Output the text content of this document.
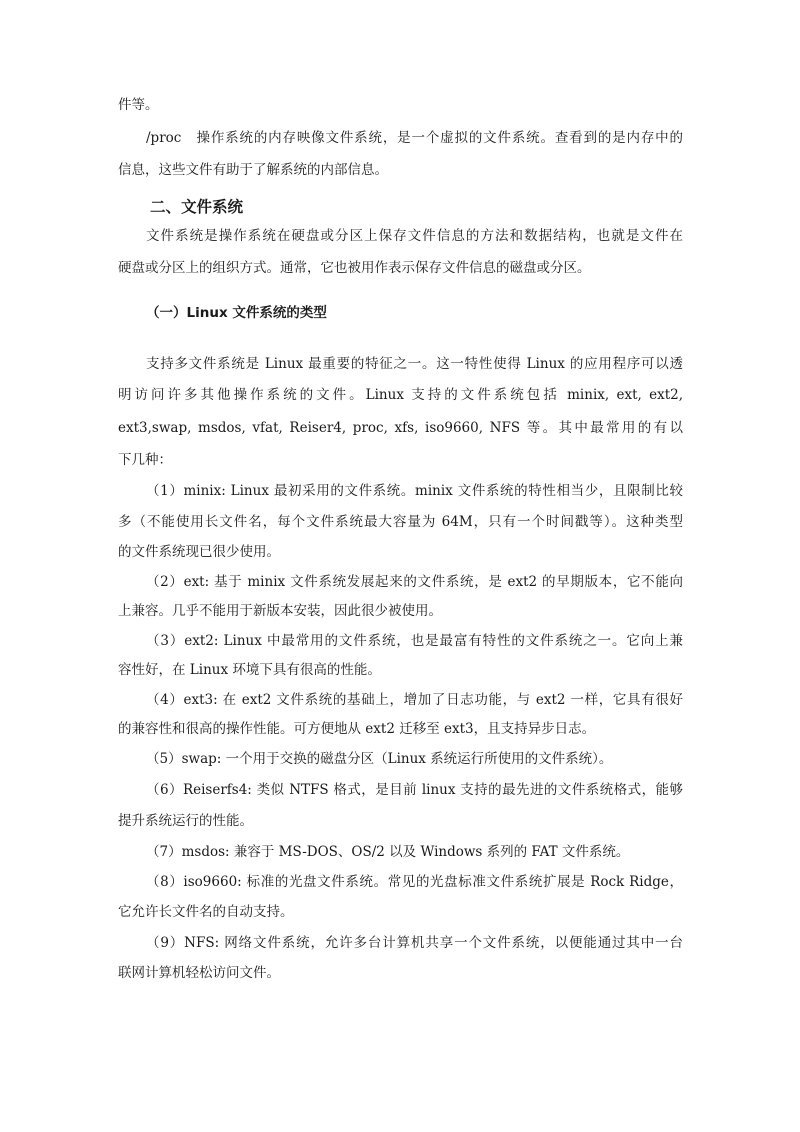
件等。
/proc　操作系统的内存映像文件系统，是一个虚拟的文件系统。查看到的是内存中的
信息，这些文件有助于了解系统的内部信息。
二、文件系统
文件系统是操作系统在硬盘或分区上保存文件信息的方法和数据结构，也就是文件在
硬盘或分区上的组织方式。通常，它也被用作表示保存文件信息的磁盘或分区。
（一）Linux 文件系统的类型
支持多文件系统是 Linux 最重要的特征之一。这一特性使得 Linux 的应用程序可以透
明访问许多其他操作系统的文件。Linux 支持的文件系统包括 minix, ext, ext2,
ext3,swap, msdos, vfat, Reiser4, proc, xfs, iso9660, NFS 等。其中最常用的有以
下几种：
（1）minix: Linux 最初采用的文件系统。minix 文件系统的特性相当少，且限制比较
多（不能使用长文件名，每个文件系统最大容量为 64M，只有一个时间戳等）。这种类型
的文件系统现已很少使用。
（2）ext: 基于 minix 文件系统发展起来的文件系统，是 ext2 的早期版本，它不能向
上兼容。几乎不能用于新版本安装，因此很少被使用。
（3）ext2: Linux 中最常用的文件系统，也是最富有特性的文件系统之一。它向上兼
容性好，在 Linux 环境下具有很高的性能。
（4）ext3: 在 ext2 文件系统的基础上，增加了日志功能，与 ext2 一样，它具有很好
的兼容性和很高的操作性能。可方便地从 ext2 迁移至 ext3，且支持异步日志。
（5）swap: 一个用于交换的磁盘分区（Linux 系统运行所使用的文件系统）。
（6）Reiserfs4: 类似 NTFS 格式，是目前 linux 支持的最先进的文件系统格式，能够
提升系统运行的性能。
（7）msdos: 兼容于 MS-DOS、OS/2 以及 Windows 系列的 FAT 文件系统。
（8）iso9660: 标准的光盘文件系统。常见的光盘标准文件系统扩展是 Rock Ridge，
它允许长文件名的自动支持。
（9）NFS: 网络文件系统，允许多台计算机共享一个文件系统，以便能通过其中一台
联网计算机轻松访问文件。
